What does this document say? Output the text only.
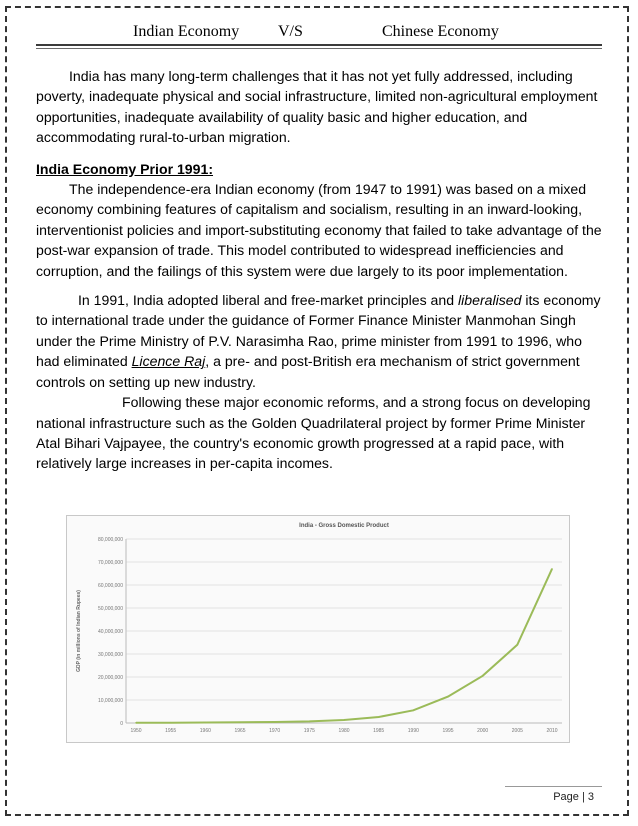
Indian Economy V/S	Chinese Economy

India has many long-term challenges that it has not yet fully addressed, including poverty, inadequate physical and social infrastructure, limited non-agricultural employment opportunities, inadequate availability of quality basic and higher education, and accommodating rural-to-urban migration.

India Economy Prior 1991:

The independence-era Indian economy (from 1947 to 1991) was based on a mixed economy combining features of capitalism and socialism, resulting in an inward-looking, interventionist policies and import-substituting economy that failed to take advantage of the post-war expansion of trade. This model contributed to widespread inefficiencies and corruption, and the failings of this system were due largely to its poor implementation.

In 1991, India adopted liberal and free-market principles and liberalised its economy to international trade under the guidance of Former Finance Minister Manmohan Singh under the Prime Ministry of P.V. Narasimha Rao, prime minister from 1991 to 1996, who had eliminated Licence Raj, a pre- and post-British era mechanism of strict government controls on setting up new industry.

Following these major economic reforms, and a strong focus on developing national infrastructure such as the Golden Quadrilateral project by former Prime Minister Atal Bihari Vajpayee, the country's economic growth progressed at a rapid pace, with relatively large increases in per-capita incomes.

India - Gross Domestic Product
0
10,000,000
20,000,000
30,000,000
40,000,000
50,000,000
60,000,000
70,000,000
80,000,000
1950	1955	1960	1965	1970	1975	1980	1985	1990	1995	2000	2005	2010
GDP (in millions of Indian Rupees)
Page | 3
